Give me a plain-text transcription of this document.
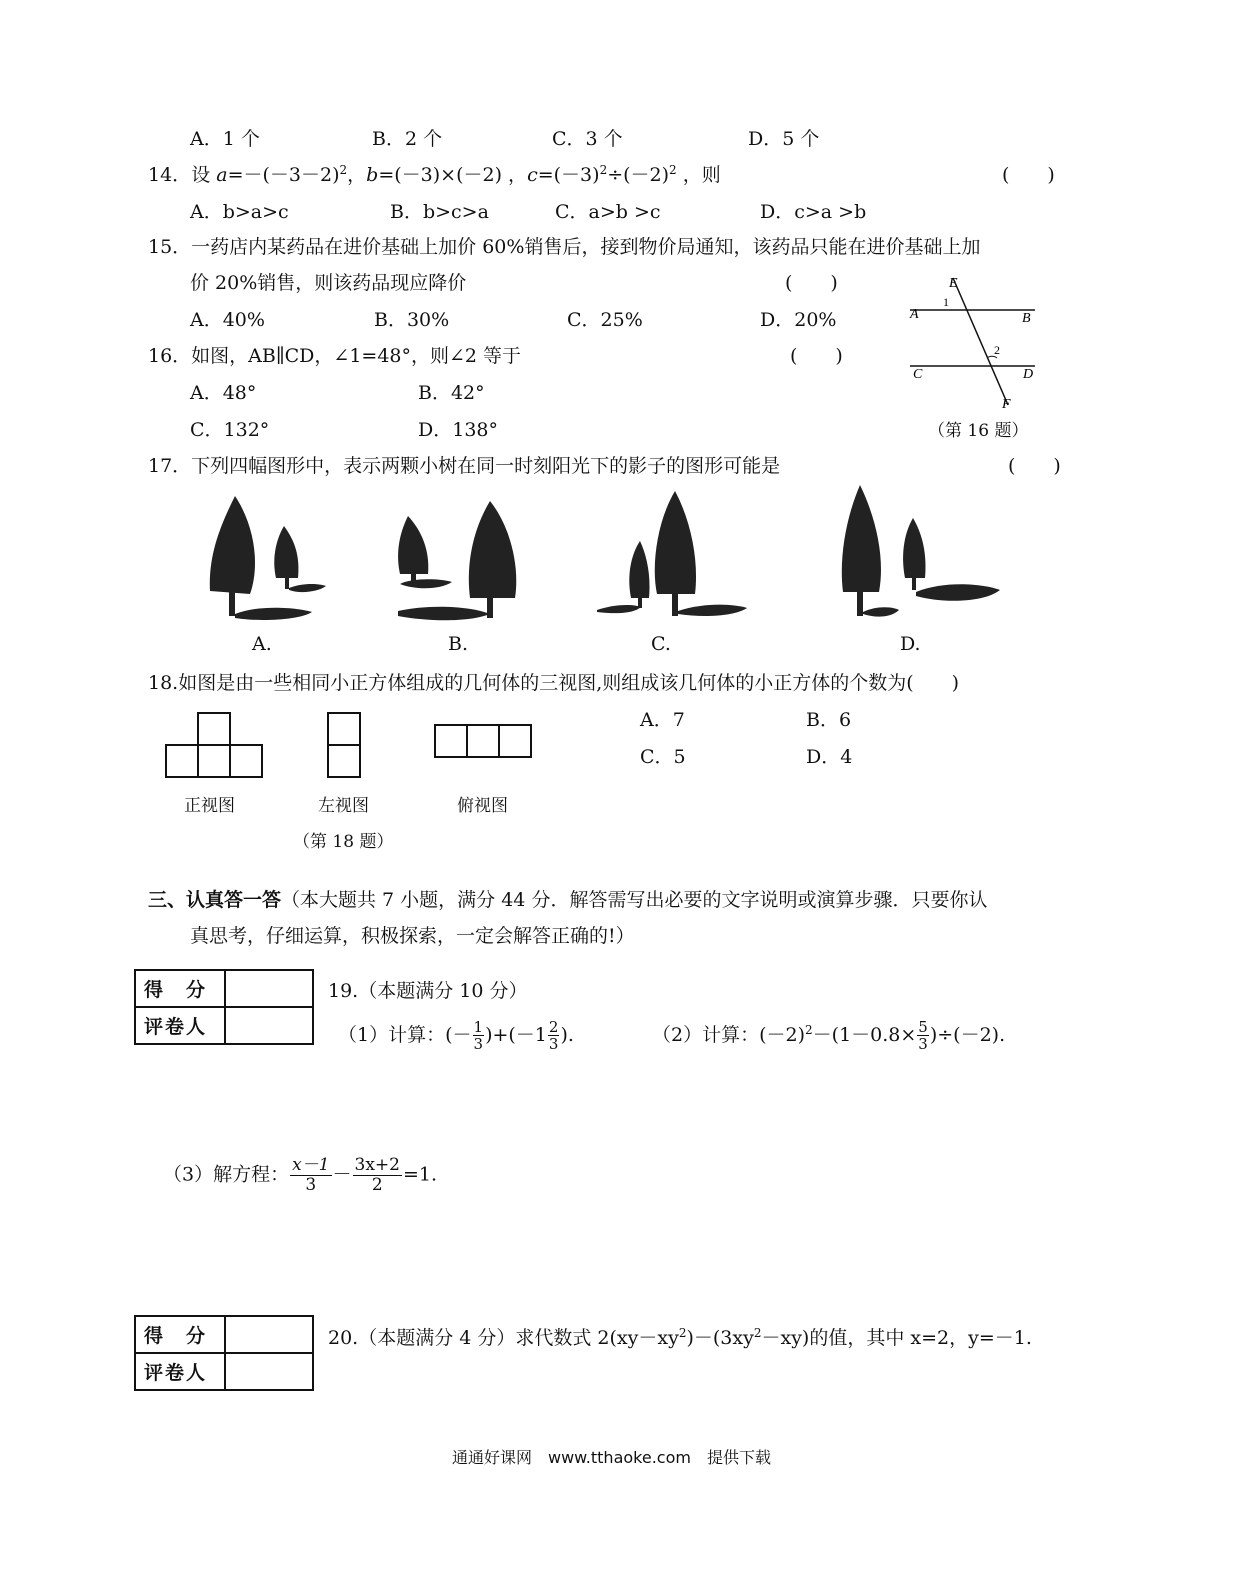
A．1 个	B．2 个	C．3 个	D．5 个
14．设 $a=-(-3-2)^2$，b=(－3)×(－2) ，$c=(-3)^2\div(-2)^2$ ，则	(　　)
A．b>a>c	B．b>c>a	C．a>b >c	D．c>a >b
15．一药店内某药品在进价基础上加价 60%销售后，接到物价局通知，该药品只能在进价基础上加
价 20%销售，则该药品现应降价	(　　)
A．40%	B．30%	C．25%	D．20%
16．如图，AB∥CD，∠1=48°，则∠2 等于	(　　)
A．48°	B．42°
C．132°	D．138°
E
1
A	B
2
C	D
F
（第 16 题）
17．下列四幅图形中，表示两颗小树在同一时刻阳光下的影子的图形可能是	(　　)
A.	B.	C.	D.
18.如图是由一些相同小正方体组成的几何体的三视图,则组成该几何体的小正方体的个数为(　　)
A．7	B．6
C．5	D．4
正视图	左视图	俯视图
（第 18 题）
三、认真答一答（本大题共 7 小题，满分 44 分．解答需写出必要的文字说明或演算步骤．只要你认
真思考，仔细运算，积极探索，一定会解答正确的!）
得　分	
评卷人	
19.（本题满分 10 分）
（1）计算：(－ $\frac{1}{3} )+(-1 \frac{2}{3}$ ).	（2）计算：$(-2)^2-(1-0.8\times \frac{5}{3} )\div(-2)$.
（3）解方程： $\frac{x-1}{3} - \frac{3x+2}{2} =1$.
得　分	
评卷人	
20.（本题满分 4 分）求代数式 $2(xy-xy^2)-(3xy^2-xy)$的值，其中 x=2，y=－1.
通通好课网　www.tthaoke.com　提供下载
